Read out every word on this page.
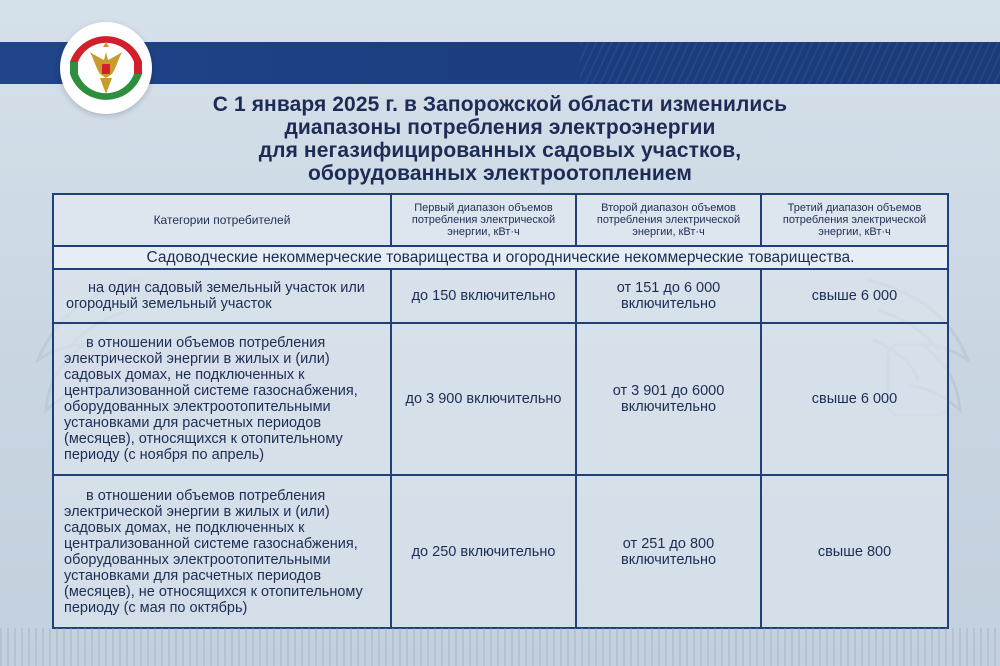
С 1 января 2025 г. в Запорожской области изменились
диапазоны потребления электроэнергии
для негазифицированных садовых участков,
оборудованных электроотоплением
Категории потребителей	Первый диапазон объемов потребления электрической энергии, кВт·ч	Второй диапазон объемов потребления электрической энергии, кВт·ч	Третий диапазон объемов потребления электрической энергии, кВт·ч
Садоводческие некоммерческие товарищества и огороднические некоммерческие товарищества.			

на один садовый земельный участок или огородный земельный участок	до 150 включительно	от 151 до 6 000 включительно	свыше 6 000

в отношении объемов потребления электрической энергии в жилых и (или) садовых домах, не подключенных к централизованной системе газоснабжения, оборудованных электроотопительными установками для расчетных периодов (месяцев), относящихся к отопительному периоду (с ноября по апрель)	до 3 900 включительно	от 3 901 до 6000 включительно	свыше 6 000

в отношении объемов потребления электрической энергии в жилых и (или) садовых домах, не подключенных к централизованной системе газоснабжения, оборудованных электроотопительными установками для расчетных периодов (месяцев), не относящихся к отопительному периоду (с мая по октябрь)	до 250 включительно	от 251 до 800 включительно	свыше 800
